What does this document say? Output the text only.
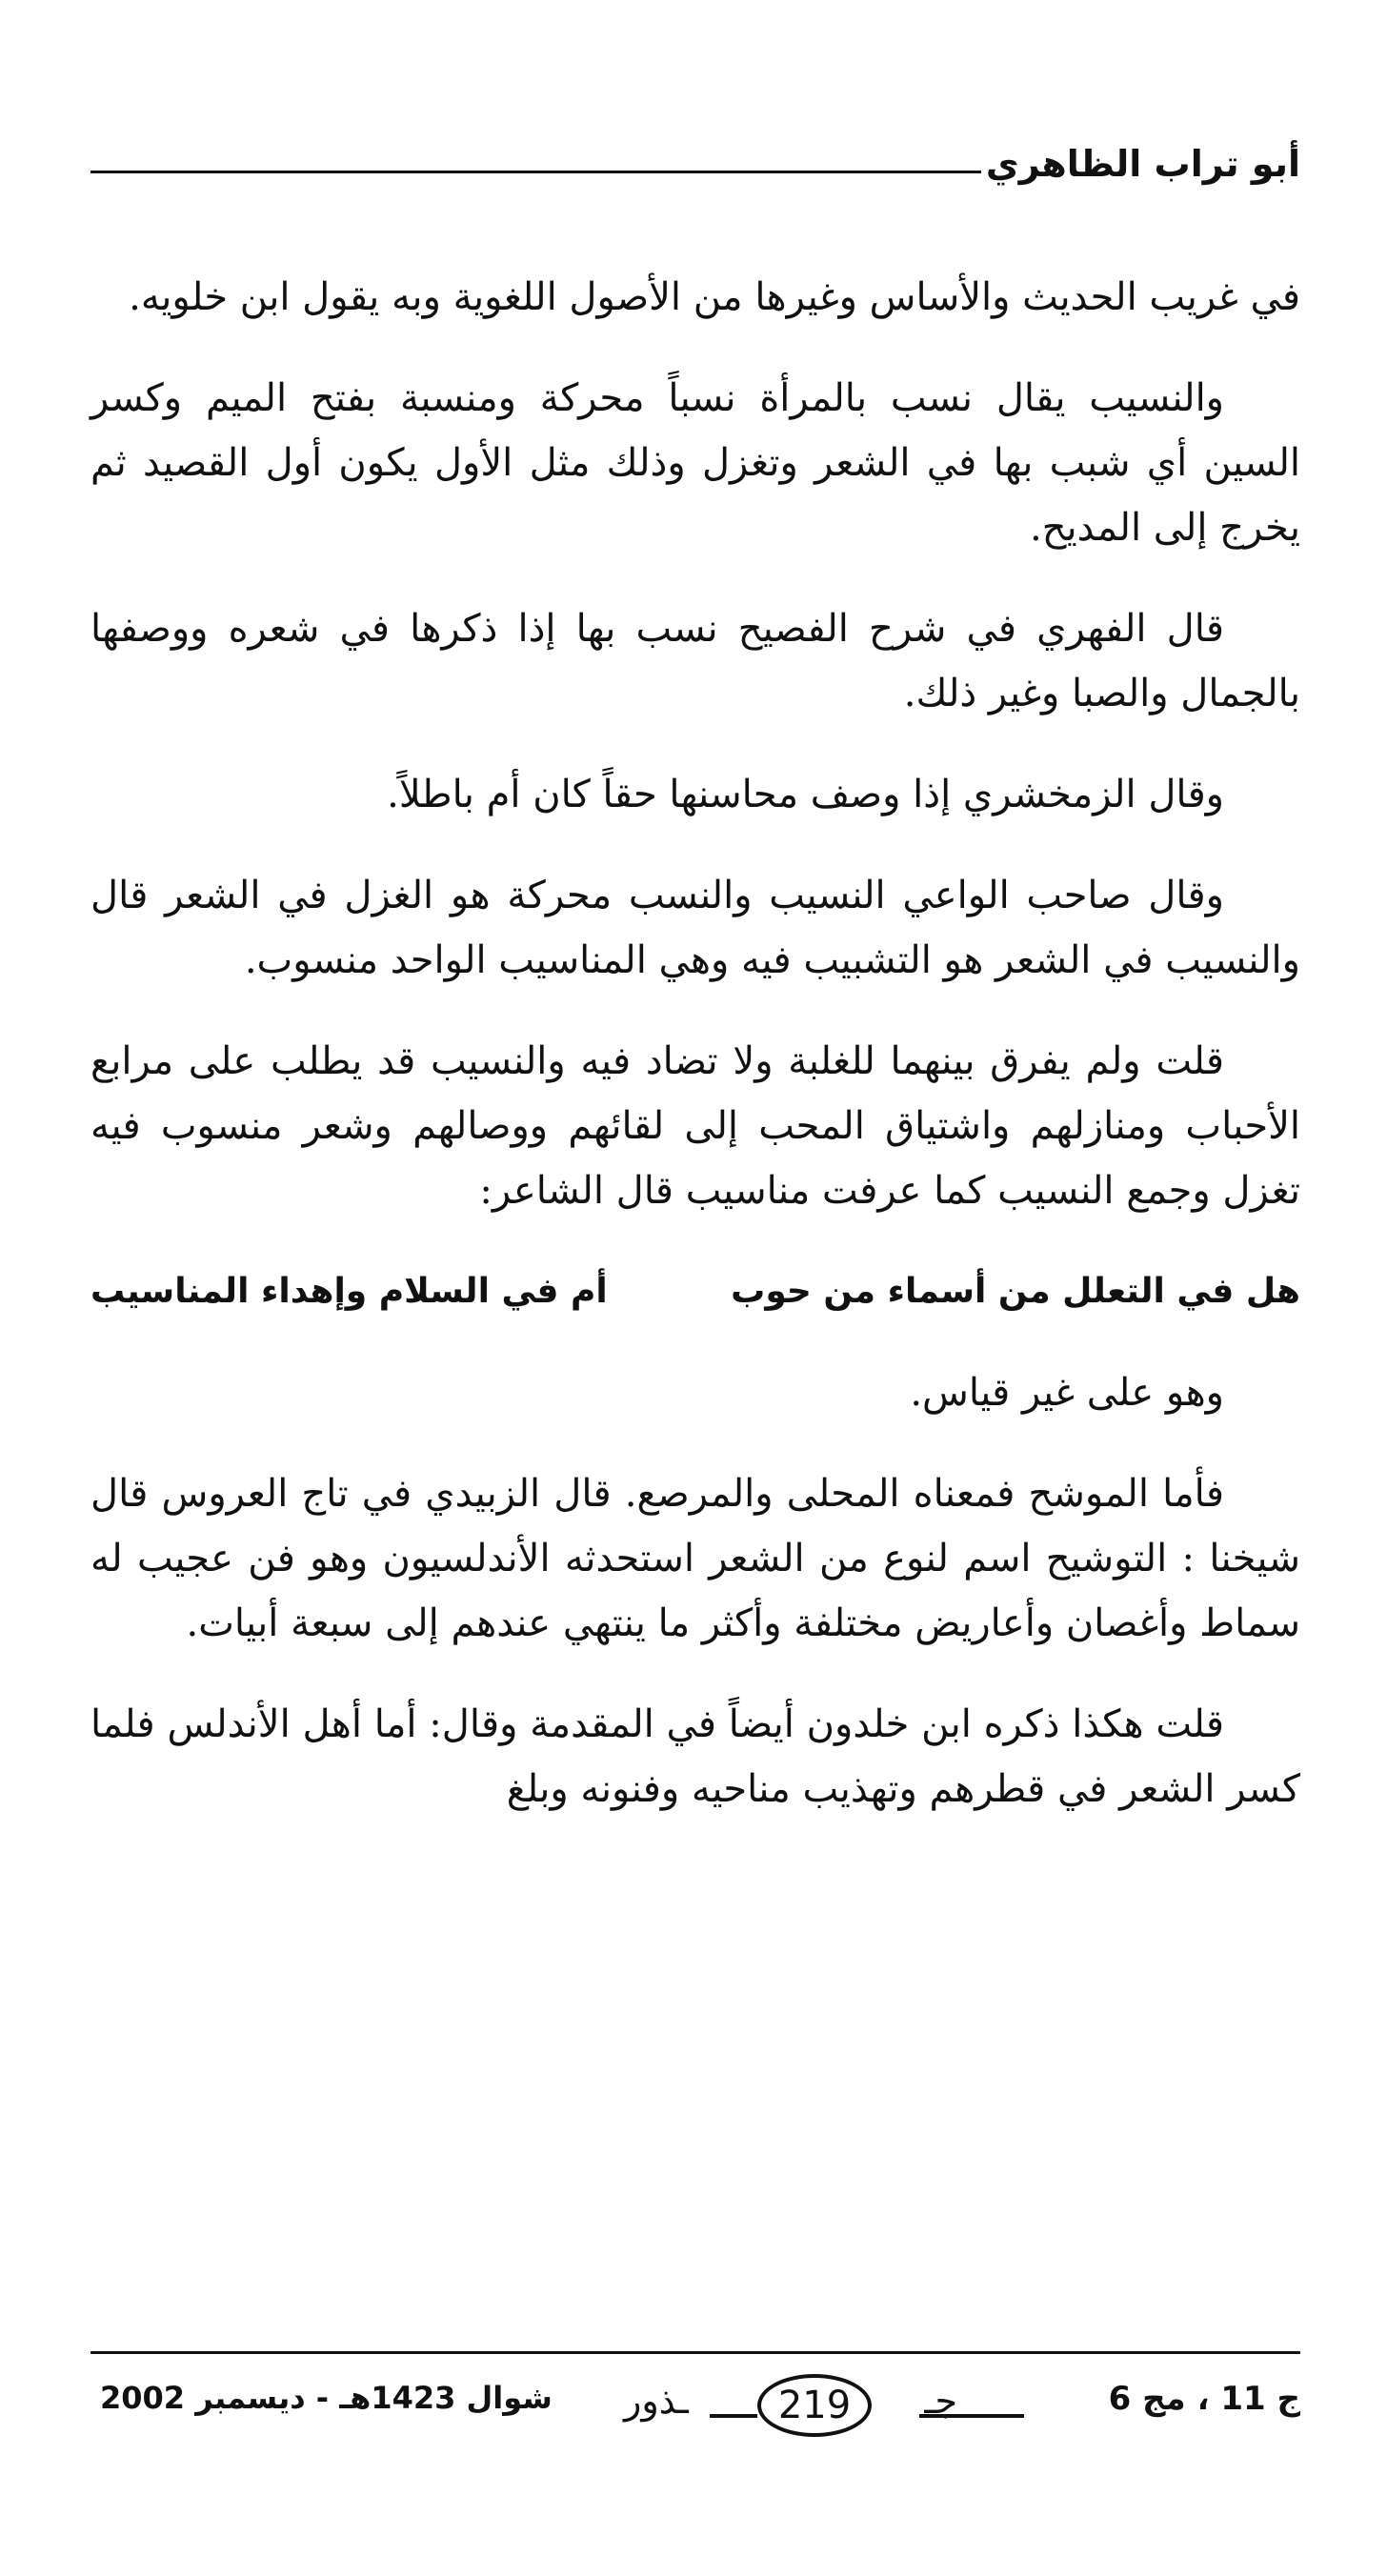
أبو تراب الظاهري

في غريب الحديث والأساس وغيرها من الأصول اللغوية وبه يقول ابن خلويه.

والنسيب يقال نسب بالمرأة نسباً محركة ومنسبة بفتح الميم وكسر السين أي شبب بها في الشعر وتغزل وذلك مثل الأول يكون أول القصيد ثم يخرج إلى المديح.

قال الفهري في شرح الفصيح نسب بها إذا ذكرها في شعره ووصفها بالجمال والصبا وغير ذلك.

وقال الزمخشري إذا وصف محاسنها حقاً كان أم باطلاً.

وقال صاحب الواعي النسيب والنسب محركة هو الغزل في الشعر قال والنسيب في الشعر هو التشبيب فيه وهي المناسيب الواحد منسوب.

قلت ولم يفرق بينهما للغلبة ولا تضاد فيه والنسيب قد يطلب على مرابع الأحباب ومنازلهم واشتياق المحب إلى لقائهم ووصالهم وشعر منسوب فيه تغزل وجمع النسيب كما عرفت مناسيب قال الشاعر:

هل في التعلل من أسماء من حوب
أم في السلام وإهداء المناسيب

وهو على غير قياس.

فأما الموشح فمعناه المحلى والمرصع. قال الزبيدي في تاج العروس قال شيخنا : التوشيح اسم لنوع من الشعر استحدثه الأندلسيون وهو فن عجيب له سماط وأغصان وأعاريض مختلفة وأكثر ما ينتهي عندهم إلى سبعة أبيات.

قلت هكذا ذكره ابن خلدون أيضاً في المقدمة وقال: أما أهل الأندلس فلما كسر الشعر في قطرهم وتهذيب مناحيه وفنونه وبلغ

ج 11 ، مج 6
جـ
219
ـذور
شوال 1423هـ - ديسمبر 2002
